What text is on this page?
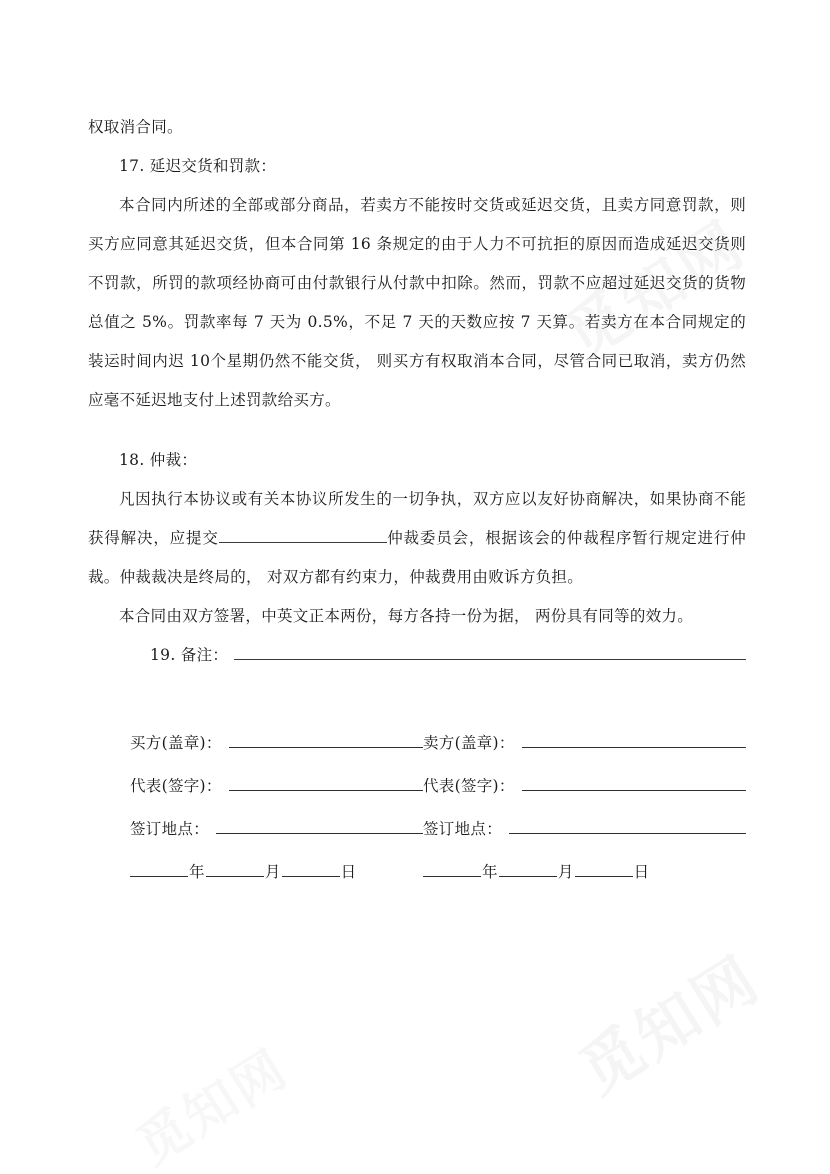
权取消合同。
17. 延迟交货和罚款：
本合同内所述的全部或部分商品，若卖方不能按时交货或延迟交货，且卖方同意罚款，则买方应同意其延迟交货，但本合同第 16 条规定的由于人力不可抗拒的原因而造成延迟交货则不罚款，所罚的款项经协商可由付款银行从付款中扣除。然而，罚款不应超过延迟交货的货物总值之 5%。罚款率每 7 天为 0.5%，不足 7 天的天数应按 7 天算。若卖方在本合同规定的装运时间内迟 10个星期仍然不能交货， 则买方有权取消本合同，尽管合同已取消，卖方仍然应毫不延迟地支付上述罚款给买方。
18. 仲裁：
凡因执行本协议或有关本协议所发生的一切争执，双方应以友好协商解决，如果协商不能获得解决，应提交	仲裁委员会，根据该会的仲裁程序暂行规定进行仲裁。仲裁裁决是终局的， 对双方都有约束力，仲裁费用由败诉方负担。
本合同由双方签署，中英文正本两份，每方各持一份为据， 两份具有同等的效力。
19. 备注：
买方(盖章)：	卖方(盖章)：
代表(签字)：	代表(签字)：
签订地点：	签订地点：
年	月	日	年	月	日
